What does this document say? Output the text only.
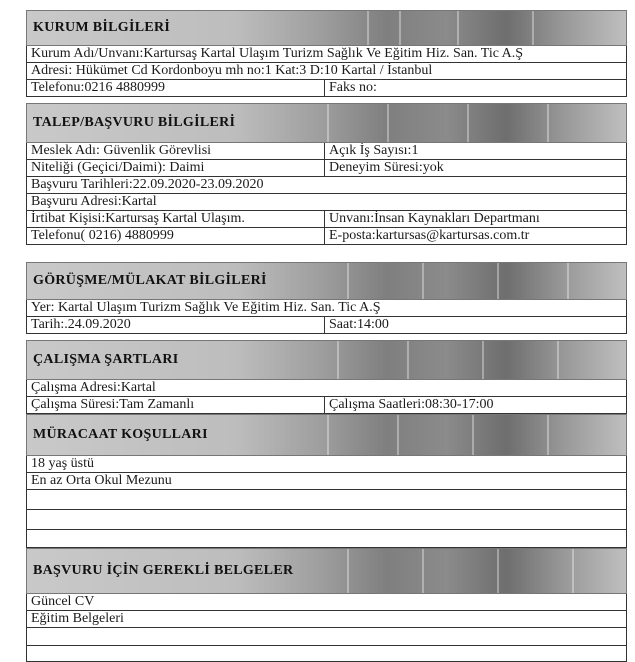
KURUM BİLGİLERİ
Kurum Adı/Unvanı:Kartursaş Kartal Ulaşım Turizm Sağlık Ve Eğitim Hiz. San. Tic A.Ş
Adresi: Hükümet Cd Kordonboyu mh no:1 Kat:3 D:10 Kartal / İstanbul
Telefonu:0216 4880999	Faks no:
TALEP/BAŞVURU BİLGİLERİ
Meslek Adı: Güvenlik Görevlisi	Açık İş Sayısı:1
Niteliği (Geçici/Daimi): Daimi	Deneyim Süresi:yok
Başvuru Tarihleri:22.09.2020-23.09.2020
Başvuru Adresi:Kartal
İrtibat Kişisi:Kartursaş Kartal Ulaşım.	Unvanı:İnsan Kaynakları Departmanı
Telefonu( 0216) 4880999	E-posta:kartursas@kartursas.com.tr
GÖRÜŞME/MÜLAKAT BİLGİLERİ
Yer: Kartal Ulaşım Turizm Sağlık Ve Eğitim Hiz. San. Tic A.Ş
Tarih:.24.09.2020	Saat:14:00
ÇALIŞMA ŞARTLARI
Çalışma Adresi:Kartal
Çalışma Süresi:Tam Zamanlı	Çalışma Saatleri:08:30-17:00
MÜRACAAT KOŞULLARI
18 yaş üstü
En az Orta Okul Mezunu
BAŞVURU İÇİN GEREKLİ BELGELER
Güncel CV
Eğitim Belgeleri
